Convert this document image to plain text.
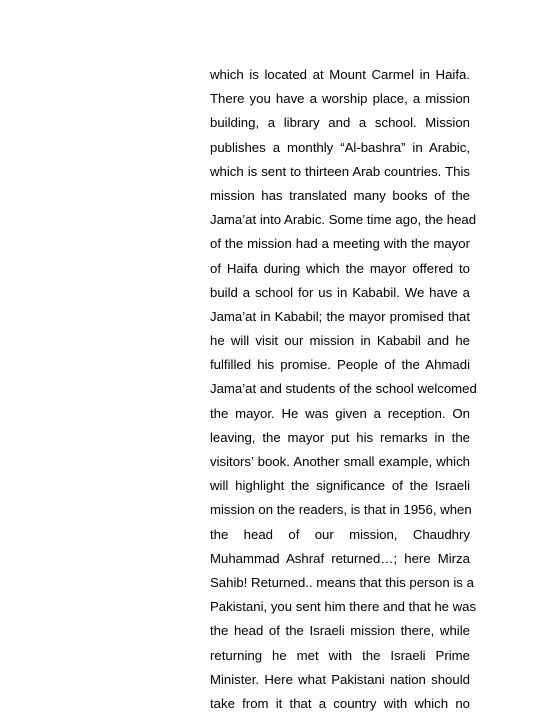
which is located at Mount Carmel in Haifa.
There you have a worship place, a mission
building, a library and a school. Mission
publishes a monthly “Al-bashra” in Arabic,
which is sent to thirteen Arab countries. This
mission has translated many books of the
Jama’at into Arabic. Some time ago, the head
of the mission had a meeting with the mayor
of Haifa during which the mayor offered to
build a school for us in Kababil. We have a
Jama’at in Kababil; the mayor promised that
he will visit our mission in Kababil and he
fulfilled his promise. People of the Ahmadi
Jama’at and students of the school welcomed
the mayor. He was given a reception. On
leaving, the mayor put his remarks in the
visitors’ book. Another small example, which
will highlight the significance of the Israeli
mission on the readers, is that in 1956, when
the head of our mission, Chaudhry
Muhammad Ashraf returned…; here Mirza
Sahib! Returned.. means that this person is a
Pakistani, you sent him there and that he was
the head of the Israeli mission there, while
returning he met with the Israeli Prime
Minister. Here what Pakistani nation should
take from it that a country with which no
